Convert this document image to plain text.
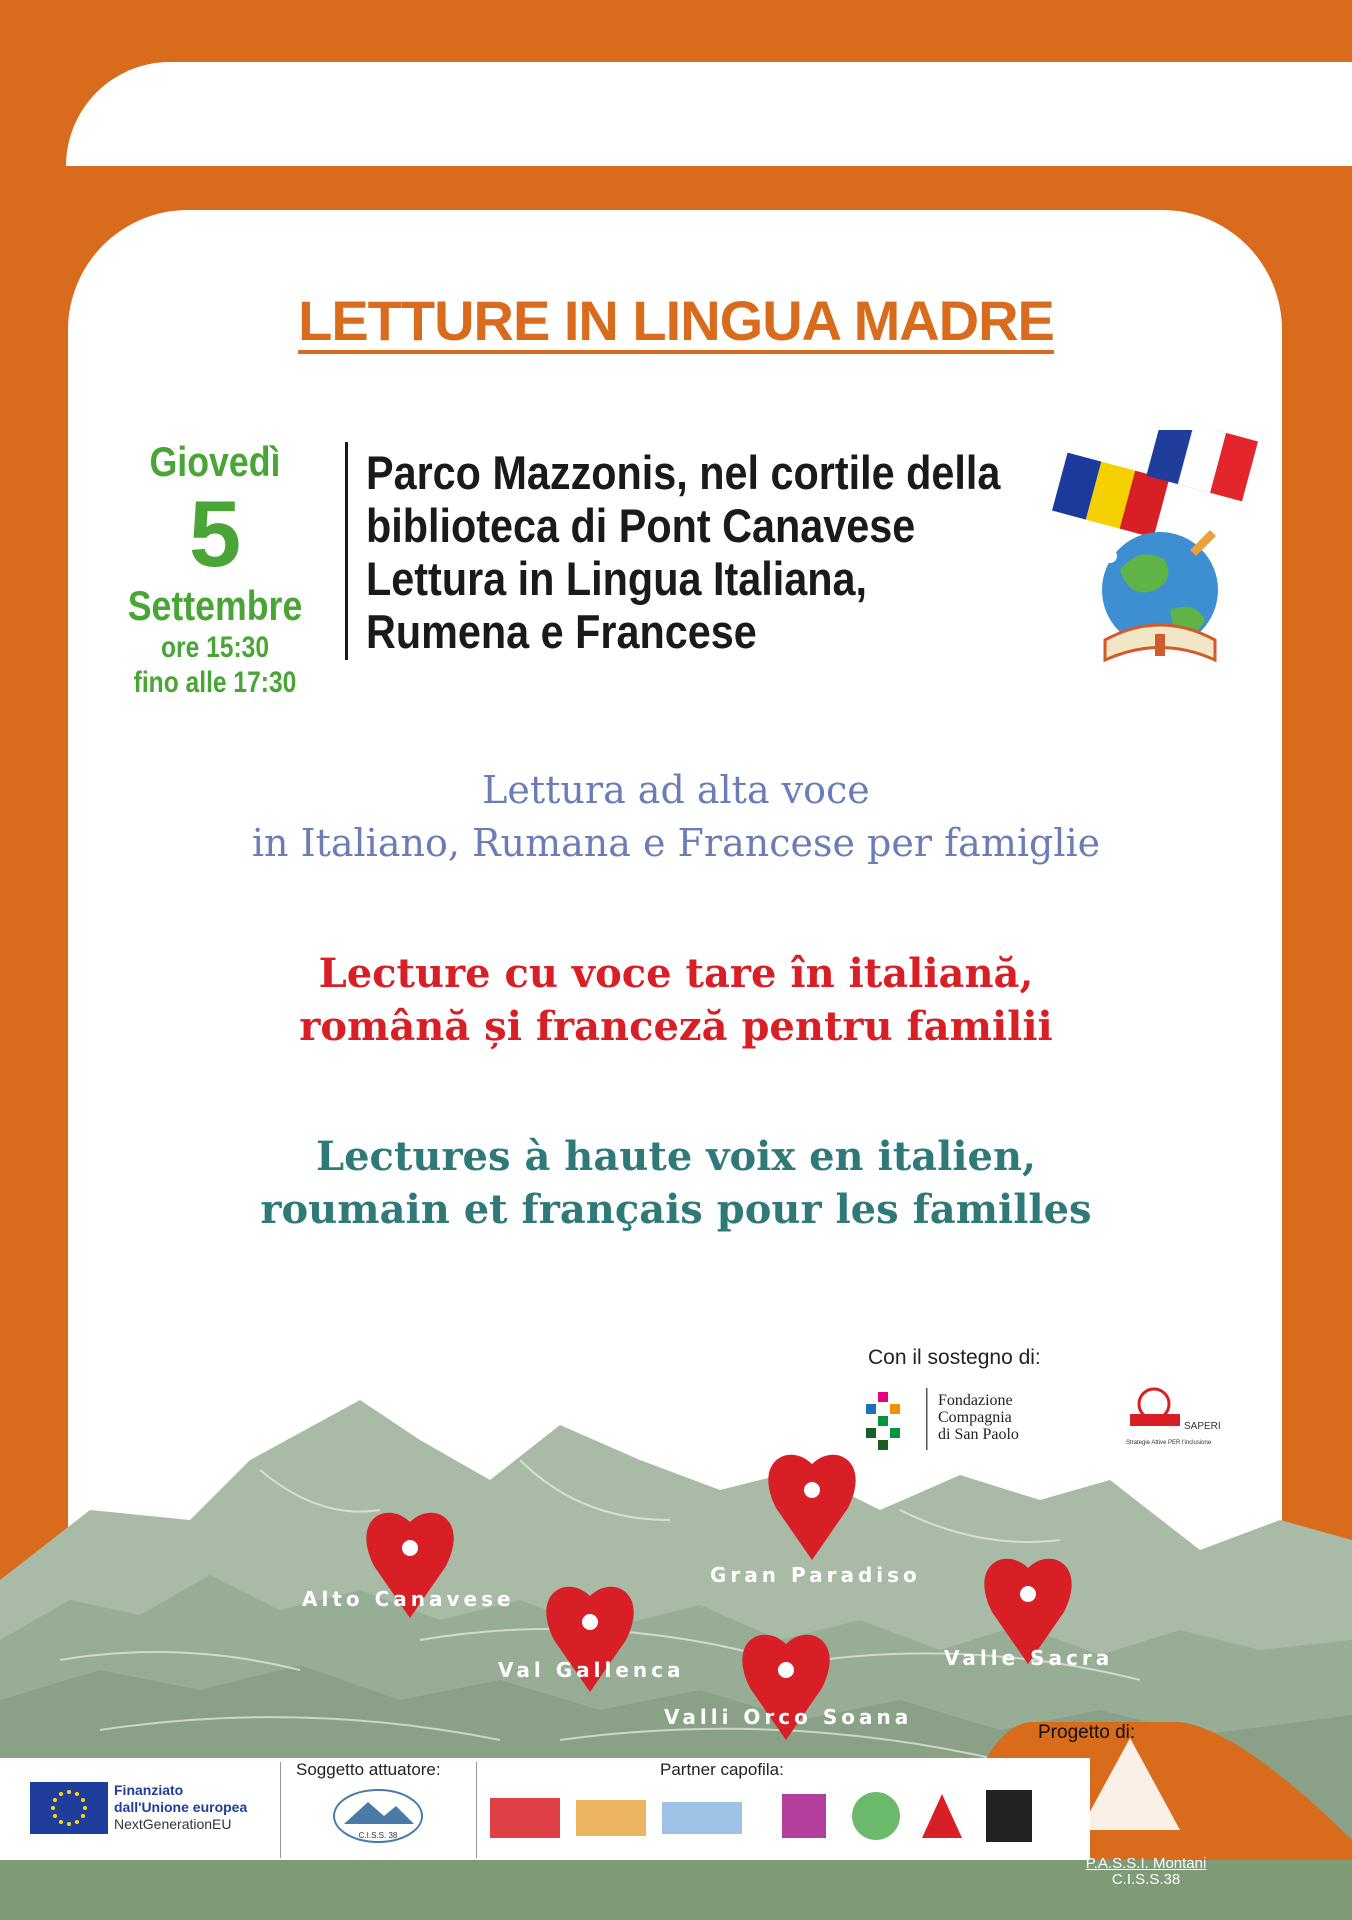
LETTURE IN LINGUA MADRE
Giovedì
5
Settembre
ore 15:30
fino alle 17:30
Parco Mazzonis, nel cortile della
biblioteca di Pont Canavese
Lettura in Lingua Italiana,
Rumena e Francese
Lettura ad alta voce
in Italiano, Rumana e Francese per famiglie
Lecture cu voce tare în italiană,
română și franceză pentru familii
Lectures à haute voix en italien,
roumain et français pour les familles
Con il sostegno di:
Fondazione
Compagnia
di San Paolo	SAPERI
Strategie Attive PER l'inclusione
Alto Canavese
Val Gallenca
Gran Paradiso
Valli Orco Soana
Valle Sacra
Finanziato
dall'Unione europea
NextGenerationEU
Soggetto attuatore:
C.I.S.S. 38
Partner capofila:
Progetto di:
P.A.S.S.I. Montani
C.I.S.S.38
